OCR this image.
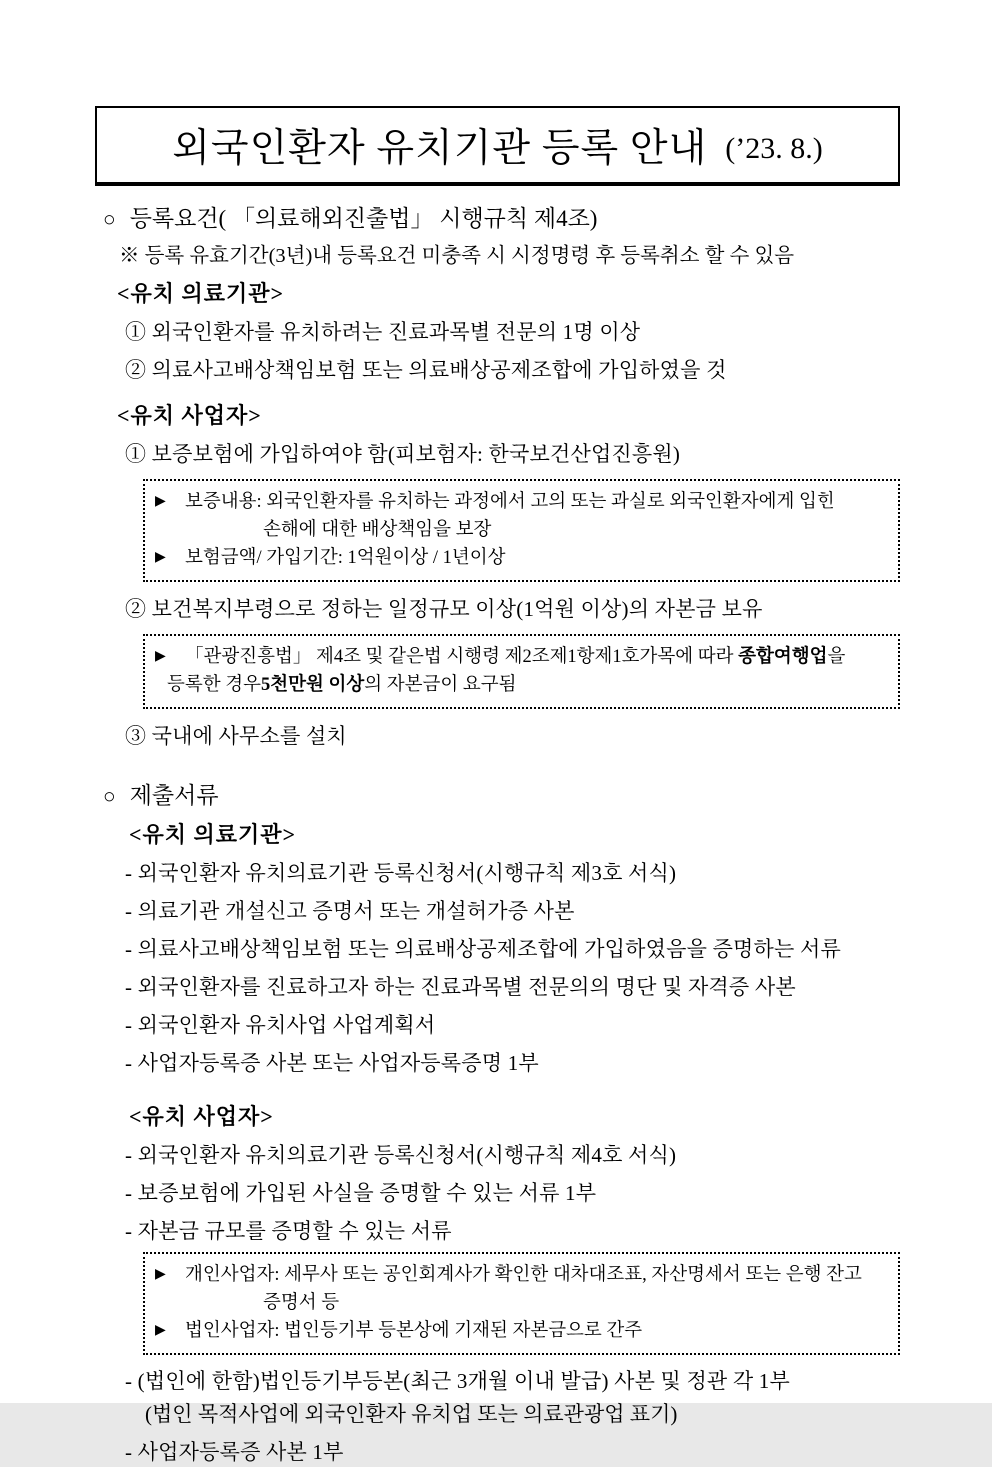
외국인환자 유치기관 등록 안내 (’23. 8.)
○ 등록요건( 「의료해외진출법」 시행규칙 제4조)
※ 등록 유효기간(3년)내 등록요건 미충족 시 시정명령 후 등록취소 할 수 있음
<유치 의료기관>
① 외국인환자를 유치하려는 진료과목별 전문의 1명 이상
② 의료사고배상책임보험 또는 의료배상공제조합에 가입하였을 것
<유치 사업자>
① 보증보험에 가입하여야 함(피보험자: 한국보건산업진흥원)
▶	보증내용: 외국인환자를 유치하는 과정에서 고의 또는 과실로 외국인환자에게 입힌
손해에 대한 배상책임을 보장
▶	보험금액/ 가입기간: 1억원이상 / 1년이상
② 보건복지부령으로 정하는 일정규모 이상(1억원 이상)의 자본금 보유
▶	「관광진흥법」 제4조 및 같은법 시행령 제2조제1항제1호가목에 따라 종합여행업을
등록한 경우 5천만원 이상 의 자본금이 요구됨
③ 국내에 사무소를 설치
○ 제출서류
<유치 의료기관>
- 외국인환자 유치의료기관 등록신청서(시행규칙 제3호 서식)
- 의료기관 개설신고 증명서 또는 개설허가증 사본
- 의료사고배상책임보험 또는 의료배상공제조합에 가입하였음을 증명하는 서류
- 외국인환자를 진료하고자 하는 진료과목별 전문의의 명단 및 자격증 사본
- 외국인환자 유치사업 사업계획서
- 사업자등록증 사본 또는 사업자등록증명 1부
<유치 사업자>
- 외국인환자 유치의료기관 등록신청서(시행규칙 제4호 서식)
- 보증보험에 가입된 사실을 증명할 수 있는 서류 1부
- 자본금 규모를 증명할 수 있는 서류
▶	개인사업자: 세무사 또는 공인회계사가 확인한 대차대조표, 자산명세서 또는 은행 잔고
증명서 등
▶	법인사업자: 법인등기부 등본상에 기재된 자본금으로 간주
- (법인에 한함)법인등기부등본(최근 3개월 이내 발급) 사본 및 정관 각 1부
(법인 목적사업에 외국인환자 유치업 또는 의료관광업 표기)
- 사업자등록증 사본 1부
